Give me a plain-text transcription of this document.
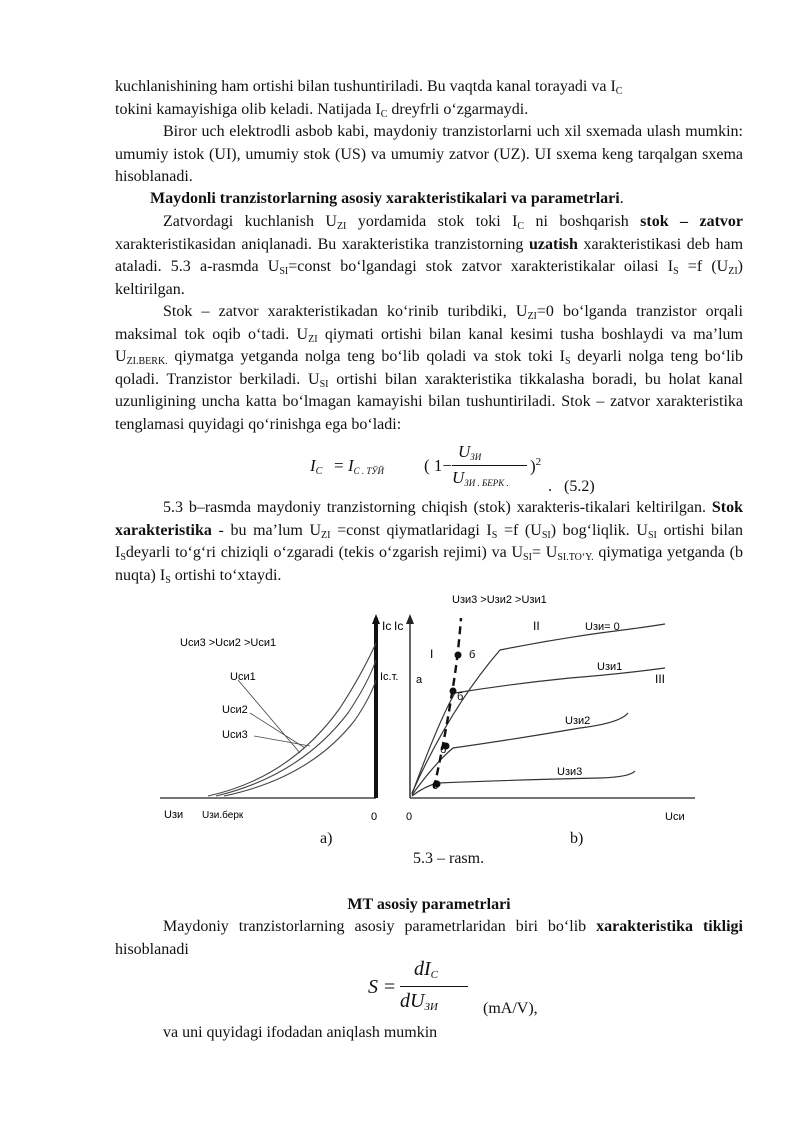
kuchlanishining ham ortishi bilan tushuntiriladi. Bu vaqtda kanal torayadi va $I_C$
tokini kamayishiga olib keladi. Natijada $I_C$ dreyfrli o‘zgarmaydi.

Biror uch elektrodli asbob kabi, maydoniy tranzistorlarni uch xil sxemada ulash mumkin: umumiy istok (UI), umumiy stok (US) va umumiy zatvor (UZ). UI sxema keng tarqalgan sxema hisoblanadi.

Maydonli tranzistorlarning asosiy xarakteristikalari va parametrlari.

Zatvordagi kuchlanish $U_{ZI}$ yordamida stok toki $I_C$ ni boshqarish stok – zatvor xarakteristikasidan aniqlanadi. Bu xarakteristika tranzistorning uzatish xarakteristikasi deb ham ataladi. 5.3 a-rasmda $U_{SI}=const$ bo‘lgandagi stok zatvor xarakteristikalar oilasi $I_S =f$ $(U_{ZI})$ keltirilgan.

Stok – zatvor xarakteristikadan ko‘rinib turibdiki, $U_{ZI}=0$ bo‘lganda tranzistor orqali maksimal tok oqib o‘tadi. $U_{ZI}$ qiymati ortishi bilan kanal kesimi tusha boshlaydi va ma’lum $U_{ZI.BERK.}$ qiymatga yetganda nolga teng bo‘lib qoladi va stok toki $I_S$ deyarli nolga teng bo‘lib qoladi. Tranzistor berkiladi. $U_{SI}$ ortishi bilan xarakteristika tikkalasha boradi, bu holat kanal uzunligining uncha katta bo‘lmagan kamayishi bilan tushuntiriladi. Stok – zatvor xarakteristika tenglamasi quyidagi qo‘rinishga ega bo‘ladi:

$I_C = I_{C . ТЎЙ}$ ( 1−
$U_{ЗИ}$
$U_{ЗИ . БЕРК .}$
)$^2$
. (5.2)

5.3 b–rasmda maydoniy tranzistorning chiqish (stok) xarakteris-tikalari keltirilgan. Stok xarakteristika - bu ma’lum $U_{ZI}$ =const qiymatlaridagi $I_S =f$ $(U_{SI})$ bog‘liqlik. $U_{SI}$ ortishi bilan $I_Sdeyarli$ to‘g‘ri chiziqli o‘zgaradi (tekis o‘zgarish rejimi) va $U_{SI}= U_{SI.TO‘Y.}$ qiymatiga yetganda (b nuqta) $I_S$ ortishi to‘xtaydi.

Uси3 >Uси2 >Uси1
Uси1
Uси2
Uси3
Iс
Iс.т.
Uзи Uзи.берк	0
Uзи3 >Uзи2 >Uзи1
Iс
I
II
III
a
б
б
б
б
Uзи= 0
Uзи1
Uзи2
Uзи3
0	Uси
a)	b)
5.3 – rasm.

MT asosiy parametrlari

Maydoniy tranzistorlarning asosiy parametrlaridan biri bo‘lib xarakteristika tikligi hisoblanadi

S =
$dI_C$
$dU_{ЗИ}$	(mA/V),

va uni quyidagi ifodadan aniqlash mumkin
